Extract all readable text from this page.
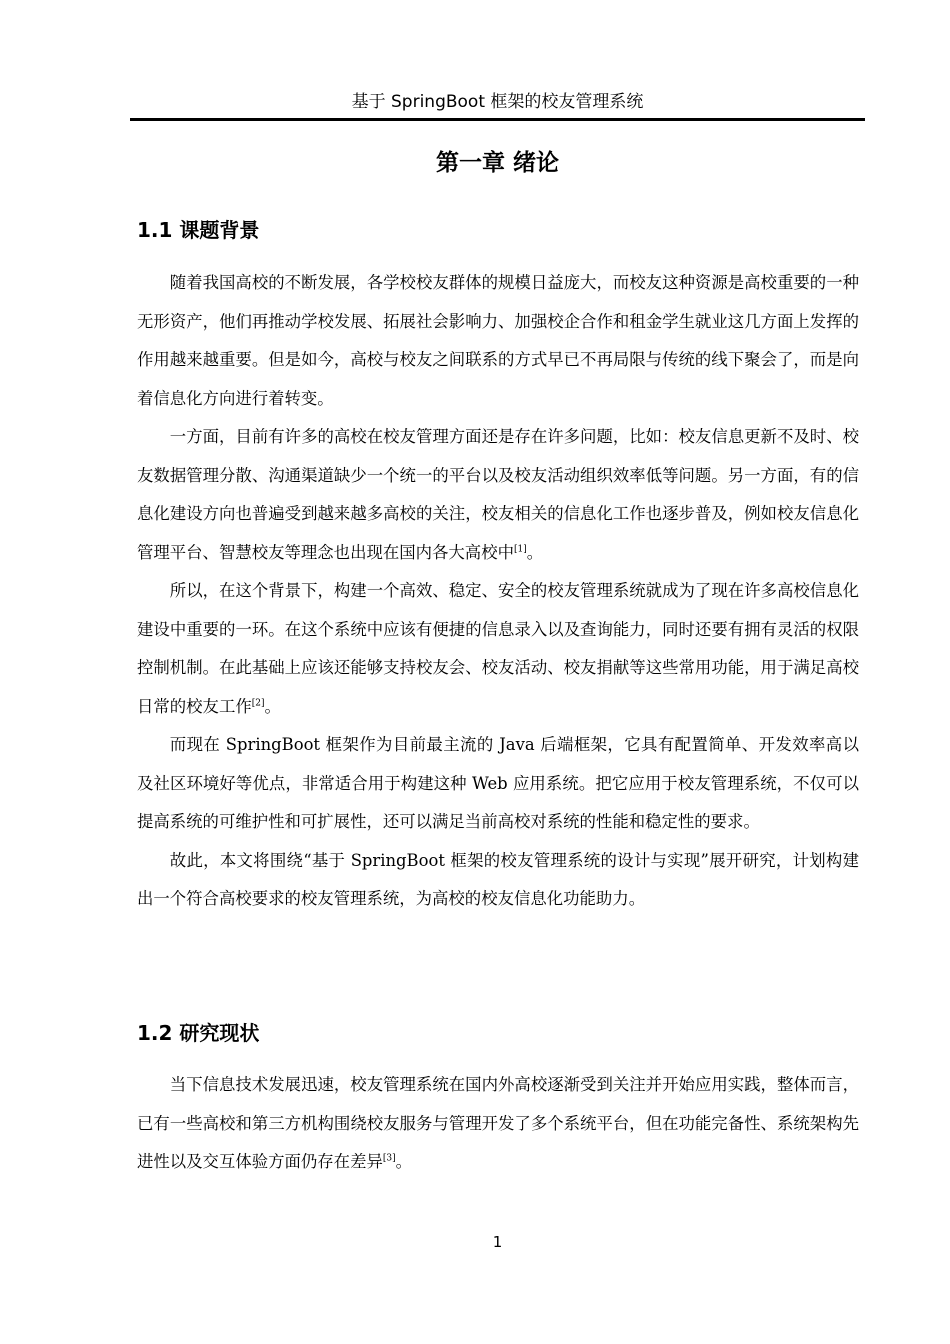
基于 SpringBoot 框架的校友管理系统
第一章 绪论
1.1 课题背景

随着我国高校的不断发展，各学校校友群体的规模日益庞大，而校友这种资源是高校重要的一种无形资产，他们再推动学校发展、拓展社会影响力、加强校企合作和租金学生就业这几方面上发挥的作用越来越重要。但是如今，高校与校友之间联系的方式早已不再局限与传统的线下聚会了，而是向着信息化方向进行着转变。

一方面，目前有许多的高校在校友管理方面还是存在许多问题，比如：校友信息更新不及时、校友数据管理分散、沟通渠道缺少一个统一的平台以及校友活动组织效率低等问题。另一方面，有的信息化建设方向也普遍受到越来越多高校的关注，校友相关的信息化工作也逐步普及，例如校友信息化管理平台、智慧校友等理念也出现在国内各大高校中[1]。

所以，在这个背景下，构建一个高效、稳定、安全的校友管理系统就成为了现在许多高校信息化建设中重要的一环。在这个系统中应该有便捷的信息录入以及查询能力，同时还要有拥有灵活的权限控制机制。在此基础上应该还能够支持校友会、校友活动、校友捐献等这些常用功能，用于满足高校日常的校友工作[2]。

而现在 SpringBoot 框架作为目前最主流的 Java 后端框架，它具有配置简单、开发效率高以及社区环境好等优点，非常适合用于构建这种 Web 应用系统。把它应用于校友管理系统，不仅可以提高系统的可维护性和可扩展性，还可以满足当前高校对系统的性能和稳定性的要求。

故此，本文将围绕“基于 SpringBoot 框架的校友管理系统的设计与实现”展开研究，计划构建出一个符合高校要求的校友管理系统，为高校的校友信息化功能助力。

1.2 研究现状

当下信息技术发展迅速，校友管理系统在国内外高校逐渐受到关注并开始应用实践，整体而言，已有一些高校和第三方机构围绕校友服务与管理开发了多个系统平台，但在功能完备性、系统架构先进性以及交互体验方面仍存在差异[3]。

1
